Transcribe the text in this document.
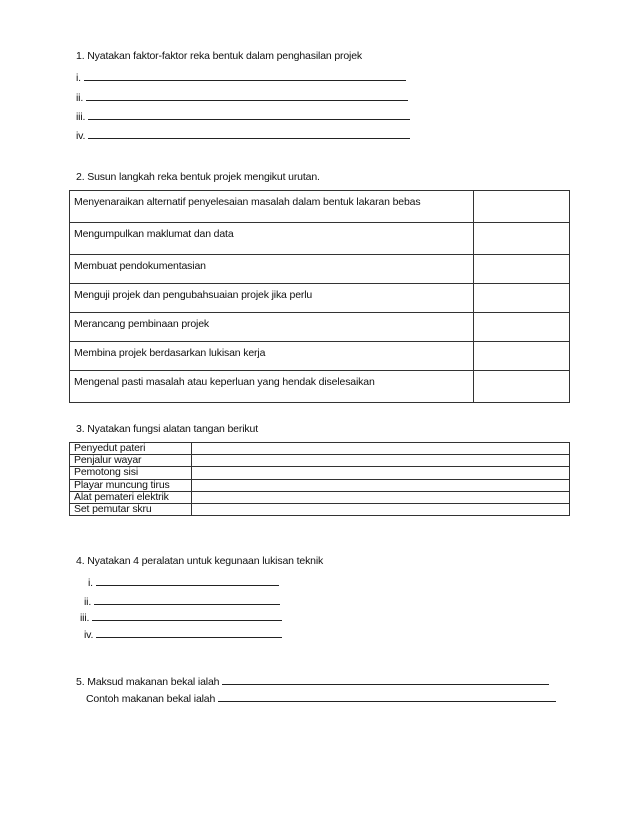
1. Nyatakan faktor-faktor reka bentuk dalam penghasilan projek
i.
ii.
iii.
iv.
2. Susun langkah reka bentuk projek mengikut urutan.
Menyenaraikan alternatif penyelesaian masalah dalam bentuk lakaran bebas	
Mengumpulkan maklumat dan data	
Membuat pendokumentasian	
Menguji projek dan pengubahsuaian projek jika perlu	
Merancang pembinaan projek	
Membina projek berdasarkan lukisan kerja	
Mengenal pasti masalah atau keperluan yang hendak diselesaikan	
3. Nyatakan fungsi alatan tangan berikut
Penyedut pateri	
Penjalur wayar	
Pemotong sisi	
Playar muncung tirus	
Alat pemateri elektrik	
Set pemutar skru	
4. Nyatakan 4 peralatan untuk kegunaan lukisan teknik
i.
ii.
iii.
iv.
5. Maksud makanan bekal ialah
Contoh makanan bekal ialah
